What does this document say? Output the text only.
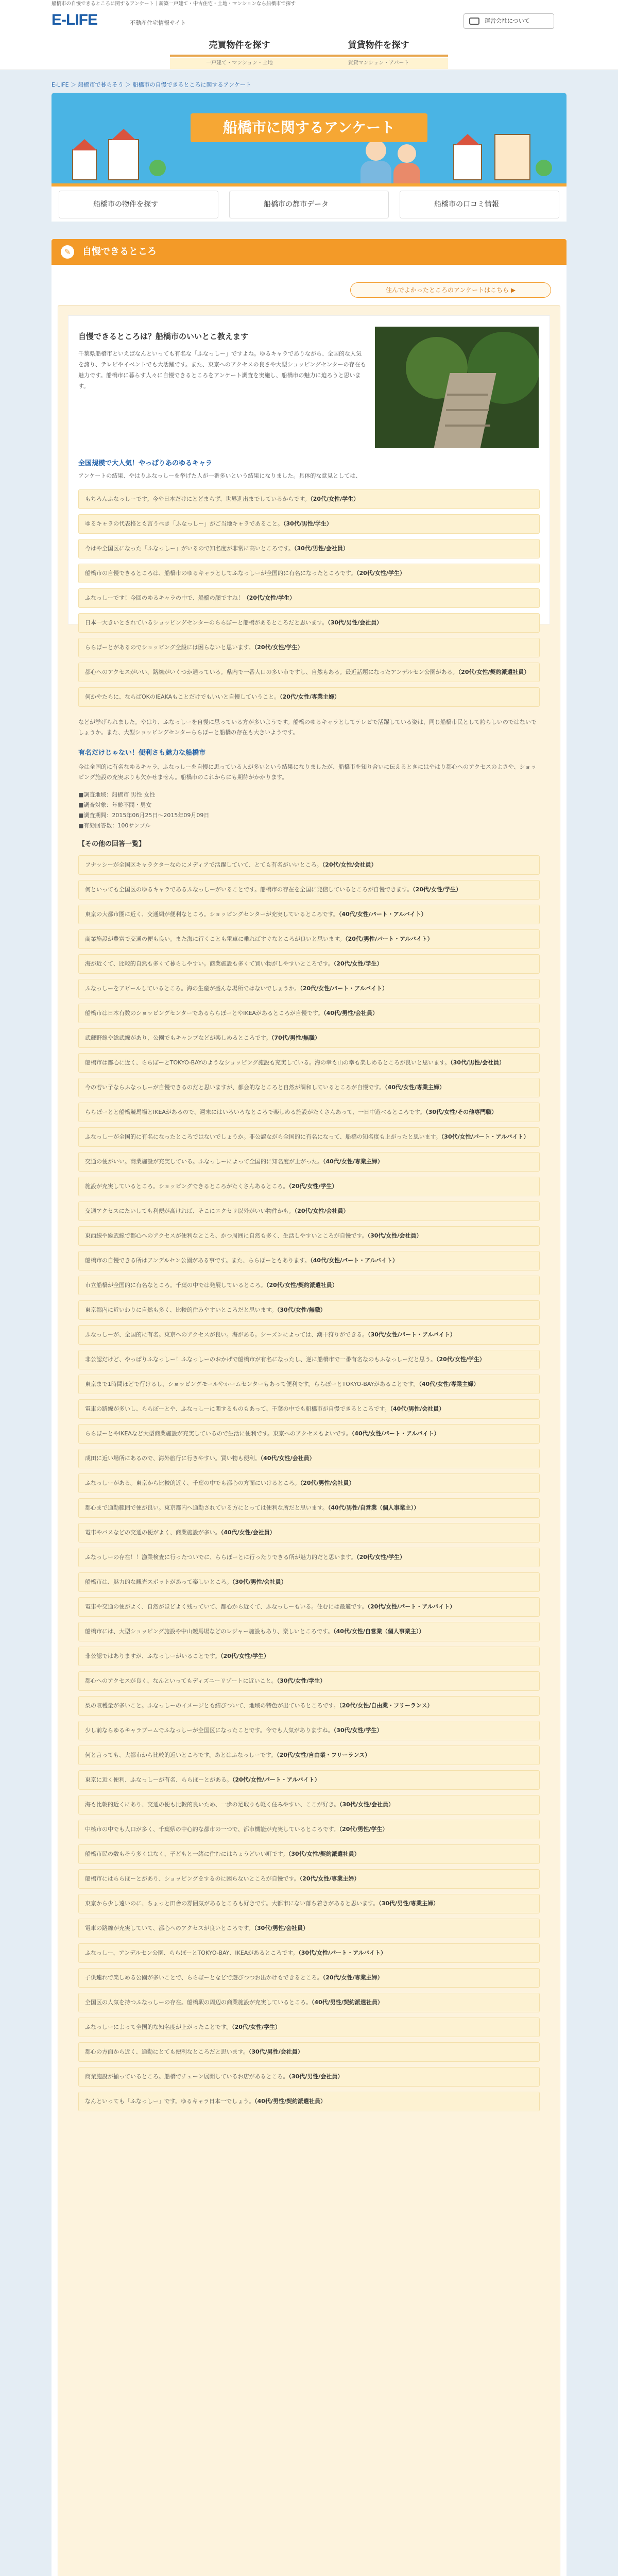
船橋市の自慢できるところに関するアンケート｜新築一戸建て・中古住宅・土地・マンションなら船橋市で探す
E-LIFE	不動産住宅情報サイト
売買物件を探す
一戸建て・マンション・土地
賃貸物件を探す
賃貸マンション・アパート
運営会社について
E-LIFE ＞ 船橋市で暮らそう ＞ 船橋市の自慢できるところに関するアンケート
船橋市に関するアンケート
⌕	船橋市の物件を探す	▤	船橋市の都市データ	…	船橋市の口コミ情報
✎	自慢できるところ
住んでよかったところのアンケートはこちら ▶
自慢できるところは？船橋市のいいとこ教えます
千葉県船橋市といえばなんといっても有名な「ふなっしー」ですよね。ゆるキャラでありながら、全国的な人気を誇り、テレビやイベントでも大活躍です。また、東京へのアクセスの良さや大型ショッピングセンターの存在も魅力です。船橋市に暮らす人々に自慢できるところをアンケート調査を実施し、船橋市の魅力に迫ろうと思います。
全国規模で大人気！やっぱりあのゆるキャラ
アンケートの結果、やはりふなっしーを挙げた人が一番多いという結果になりました。具体的な意見としては、
などが挙げられました。やはり、ふなっしーを自慢に思っている方が多いようです。船橋のゆるキャラとしてテレビで活躍している姿は、同じ船橋市民として誇らしいのではないでしょうか。また、大型ショッピングセンターららぽーと船橋の存在も大きいようです。
有名だけじゃない！便利さも魅力な船橋市
今は全国的に有名なゆるキャラ、ふなっしーを自慢に思っている人が多いという結果になりましたが、船橋市を知り合いに伝えるときにはやはり都心へのアクセスのよさや、ショッピング施設の充実ぶりも欠かせません。船橋市のこれからにも期待がかかります。
■調査地域：船橋市 男性 女性
■調査対象：年齢不問・男女
■調査期間：2015年06月25日～2015年09月09日
■有効回答数：100サンプル
【その他の回答一覧】
もちろんふなっしーです。今や日本だけにとどまらず、世界進出までしているからです。（20代/女性/学生）
ゆるキャラの代表格とも言うべき「ふなっしー」がご当地キャラであること。（30代/男性/学生）
今はや全国区になった「ふなっしー」がいるので知名度が非常に高いところです。（30代/男性/会社員）
船橋市の自慢できるところは、船橋市のゆるキャラとしてふなっしーが全国的に有名になったところです。（20代/女性/学生）
ふなっしーです！今回のゆるキャラの中で、船橋の顔ですね！（20代/女性/学生）
日本一大きいとされているショッピングセンターのららぽーと船橋があるところだと思います。（30代/男性/会社員）
ららぽーとがあるのでショッピング全般には困らないと思います。（20代/女性/学生）
都心へのアクセスがいい、路線がいくつか通っている。県内で一番人口の多い市ですし、自然もある。最近話題になったアンデルセン公園がある。（20代/女性/契約派遣社員）
何かやたらに、ならばOKのIEAKAもことだけでもいいと自慢していうこと。（20代/女性/専業主婦）
フナッシーが全国区キャラクターなのにメディアで活躍していて、とても有名がいいところ。（20代/女性/会社員）
何といっても全国区のゆるキャラであるふなっしーがいることです。船橋市の存在を全国に発信しているところが自慢できます。（20代/女性/学生）
東京の大都市圏に近く、交通網が便利なところ。ショッピングセンターが充実しているところです。（40代/女性/パート・アルバイト）
商業施設が豊富で交通の便も良い。また海に行くことも電車に乗ればすぐなところが良いと思います。（20代/男性/パート・アルバイト）
海が近くて、比較的自然も多くて暮らしやすい。商業施設も多くて買い物がしやすいところです。（20代/女性/学生）
ふなっしーをアピールしているところ。海の生産が盛んな場所ではないでしょうか。（20代/女性/パート・アルバイト）
船橋市は日本有数のショッピングセンターであるららぽーとやIKEAがあるところが自慢です。（40代/男性/会社員）
武蔵野線や総武線があり、公園でもキャンプなどが楽しめるところです。（70代/男性/無職）
船橋市は都心に近く、ららぽーとTOKYO-BAYのようなショッピング施設も充実している。海の幸も山の幸も楽しめるところが良いと思います。（30代/男性/会社員）
今の若い子ならふなっしーが自慢できるのだと思いますが、都会的なところと自然が調和しているところが自慢です。（40代/女性/専業主婦）
ららぽーとと船橋競馬場とIKEAがあるので、週末にはいろいろなところで楽しめる施設がたくさんあって、一日中遊べるところです。（30代/女性/その他専門職）
ふなっしーが全国的に有名になったところではないでしょうか。非公認ながら全国的に有名になって、船橋の知名度も上がったと思います。（30代/女性/パート・アルバイト）
交通の便がいい。商業施設が充実している。ふなっしーによって全国的に知名度が上がった。（40代/女性/専業主婦）
施設が充実しているところ。ショッピングできるところがたくさんあるところ。（20代/女性/学生）
交通アクセスにたいしても利便が高ければ、そこにエクセリ以外がいい物件かも。（20代/女性/会社員）
東西線や総武線で都心へのアクセスが便利なところ、かつ周囲に自然も多く、生活しやすいところが自慢です。（30代/女性/会社員）
船橋市の自慢できる所はアンデルセン公園がある事です。また、ららぽーともあります。（40代/女性/パート・アルバイト）
市立船橋が全国的に有名なところ。千葉の中では発展しているところ。（20代/女性/契約派遣社員）
東京都内に近いわりに自然も多く、比較的住みやすいところだと思います。（30代/女性/無職）
ふなっしーが、全国的に有名。東京へのアクセスが良い。海がある。シーズンによっては、潮干狩りができる。（30代/女性/パート・アルバイト）
非公認だけど、やっぱりふなっしー！ふなっしーのおかげで船橋市が有名になったし、逆に船橋市で一番有名なのもふなっしーだと思う。（20代/女性/学生）
東京まで1時間ほどで行けるし、ショッピングモールやホームセンターもあって便利です。ららぽーとTOKYO-BAYがあることです。（40代/女性/専業主婦）
電車の路線が多いし、ららぽーとや、ふなっしーに関するものもあって、千葉の中でも船橋市が自慢できるところです。（40代/男性/会社員）
ららぽーとやIKEAなど大型商業施設が充実しているので生活に便利です。東京へのアクセスもよいです。（40代/女性/パート・アルバイト）
成田に近い場所にあるので、海外旅行に行きやすい。買い物も便利。（40代/女性/会社員）
ふなっしーがある。東京から比較的近く、千葉の中でも都心の方面にいけるところ。（20代/男性/会社員）
都心まで通勤範囲で便が良い。東京都内へ通勤されている方にとっては便利な所だと思います。（40代/男性/自営業（個人事業主））
電車やバスなどの交通の便がよく、商業施設が多い。（40代/女性/会社員）
ふなっしーの存在！！漁業検査に行ったついでに、ららぽーとに行ったりできる所が魅力的だと思います。（20代/女性/学生）
船橋市は、魅力的な観光スポットがあって楽しいところ。（30代/男性/会社員）
電車や交通の便がよく、自然がほどよく残っていて、都心から近くて、ふなっしーもいる。住むには最適です。（20代/女性/パート・アルバイト）
船橋市には、大型ショッピング施設や中山競馬場などのレジャー施設もあり、楽しいところです。（40代/女性/自営業（個人事業主））
非公認ではありますが、ふなっしーがいることです。（20代/女性/学生）
都心へのアクセスが良く、なんといってもディズニーリゾートに近いこと。（30代/女性/学生）
梨の収穫量が多いこと。ふなっしーのイメージとも結びついて、地域の特色が出ているところです。（20代/女性/自由業・フリーランス）
少し前ならゆるキャラブームでふなっしーが全国区になったことです。今でも人気がありますね。（30代/女性/学生）
何と言っても、大都市から比較的近いところです。あとはふなっしーです。（20代/女性/自由業・フリーランス）
東京に近く便利、ふなっしーが有名、ららぽーとがある。（20代/女性/パート・アルバイト）
海も比較的近くにあり、交通の便も比較的良いため、一歩の足取りも軽く住みやすい、ここが好き。（30代/女性/会社員）
中核市の中でも人口が多く、千葉県の中心的な都市の一つで、都市機能が充実しているところです。（20代/男性/学生）
船橋市民の数もそう多くはなく、子どもと一緒に住むにはちょうどいい町です。（30代/女性/契約派遣社員）
船橋市にはららぽーとがあり、ショッピングをするのに困らないところが自慢です。（20代/女性/専業主婦）
東京から少し遠いのに、ちょっと田舎の雰囲気があるところも好きです。大都市にない落ち着きがあると思います。（30代/男性/専業主婦）
電車の路線が充実していて、都心へのアクセスが良いところです。（30代/男性/会社員）
ふなっしー、アンデルセン公園、ららぽーとTOKYO-BAY、IKEAがあるところです。（30代/女性/パート・アルバイト）
子供連れで楽しめる公園が多いことで、ららぽーとなどで遊びつつお出かけもできるところ。（20代/女性/専業主婦）
全国区の人気を持つふなっしーの存在。船橋駅の周辺の商業施設が充実しているところ。（40代/男性/契約派遣社員）
ふなっしーによって全国的な知名度が上がったことです。（20代/女性/学生）
都心の方面から近く、通勤にとても便利なところだと思います。（30代/男性/会社員）
商業施設が揃っているところ。船橋でチェーン展開しているお店があるところ。（30代/男性/会社員）
なんといっても「ふなっしー」です。ゆるキャラ日本一でしょう。（40代/男性/契約派遣社員）
